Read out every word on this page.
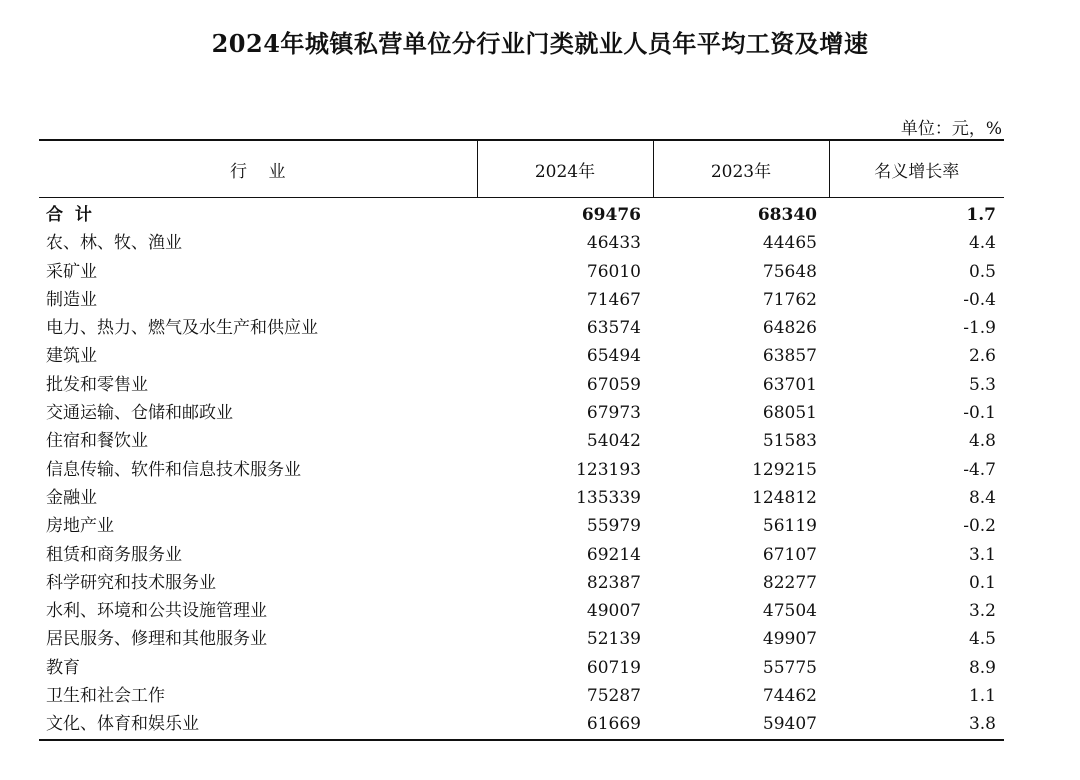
2024年城镇私营单位分行业门类就业人员年平均工资及增速
单位：元，%
行    业	2024年	2023年	名义增长率
合  计	69476	68340	1.7
农、林、牧、渔业	46433	44465	4.4
采矿业	76010	75648	0.5
制造业	71467	71762	-0.4
电力、热力、燃气及水生产和供应业	63574	64826	-1.9
建筑业	65494	63857	2.6
批发和零售业	67059	63701	5.3
交通运输、仓储和邮政业	67973	68051	-0.1
住宿和餐饮业	54042	51583	4.8
信息传输、软件和信息技术服务业	123193	129215	-4.7
金融业	135339	124812	8.4
房地产业	55979	56119	-0.2
租赁和商务服务业	69214	67107	3.1
科学研究和技术服务业	82387	82277	0.1
水利、环境和公共设施管理业	49007	47504	3.2
居民服务、修理和其他服务业	52139	49907	4.5
教育	60719	55775	8.9
卫生和社会工作	75287	74462	1.1
文化、体育和娱乐业	61669	59407	3.8
